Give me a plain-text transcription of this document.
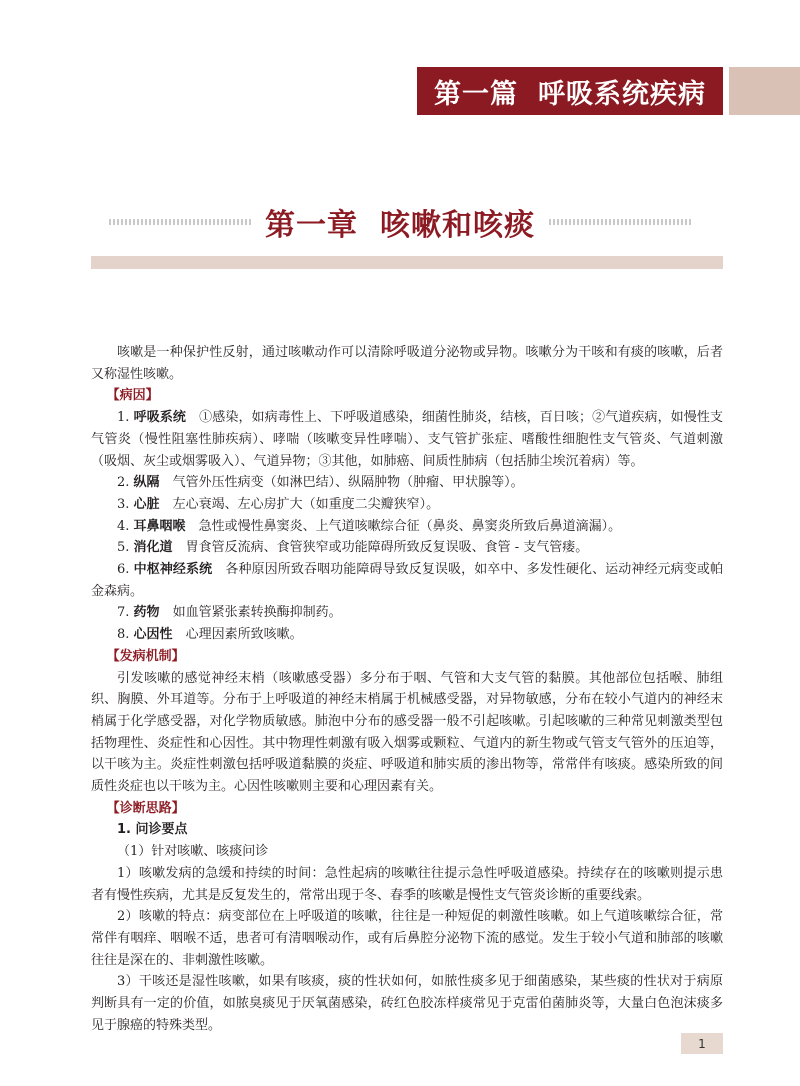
第一篇 呼吸系统疾病
第一章 咳嗽和咳痰

咳嗽是一种保护性反射，通过咳嗽动作可以清除呼吸道分泌物或异物。咳嗽分为干咳和有痰的咳嗽，后者又称湿性咳嗽。

【病因】

1. 呼吸系统　 ①感染，如病毒性上、下呼吸道感染，细菌性肺炎，结核，百日咳；②气道疾病，如慢性支气管炎（慢性阻塞性肺疾病）、哮喘（咳嗽变异性哮喘）、支气管扩张症、嗜酸性细胞性支气管炎、气道刺激（吸烟、灰尘或烟雾吸入）、气道异物；③其他，如肺癌、间质性肺病（包括肺尘埃沉着病）等。

2. 纵隔　 气管外压性病变（如淋巴结）、纵隔肿物（肿瘤、甲状腺等）。

3. 心脏　 左心衰竭、左心房扩大（如重度二尖瓣狭窄）。

4. 耳鼻咽喉　 急性或慢性鼻窦炎、上气道咳嗽综合征（鼻炎、鼻窦炎所致后鼻道滴漏）。

5. 消化道　 胃食管反流病、食管狭窄或功能障碍所致反复误吸、食管 - 支气管瘘。

6. 中枢神经系统　 各种原因所致吞咽功能障碍导致反复误吸，如卒中、多发性硬化、运动神经元病变或帕金森病。

7. 药物　 如血管紧张素转换酶抑制药。

8. 心因性　 心理因素所致咳嗽。

【发病机制】

引发咳嗽的感觉神经末梢（咳嗽感受器）多分布于咽、气管和大支气管的黏膜。其他部位包括喉、肺组织、胸膜、外耳道等。分布于上呼吸道的神经末梢属于机械感受器，对异物敏感，分布在较小气道内的神经末梢属于化学感受器，对化学物质敏感。肺泡中分布的感受器一般不引起咳嗽。引起咳嗽的三种常见刺激类型包括物理性、炎症性和心因性。其中物理性刺激有吸入烟雾或颗粒、气道内的新生物或气管支气管外的压迫等，以干咳为主。炎症性刺激包括呼吸道黏膜的炎症、呼吸道和肺实质的渗出物等，常常伴有咳痰。感染所致的间质性炎症也以干咳为主。心因性咳嗽则主要和心理因素有关。

【诊断思路】

1. 问诊要点

（1）针对咳嗽、咳痰问诊

1）咳嗽发病的急缓和持续的时间：急性起病的咳嗽往往提示急性呼吸道感染。持续存在的咳嗽则提示患者有慢性疾病，尤其是反复发生的，常常出现于冬、春季的咳嗽是慢性支气管炎诊断的重要线索。

2）咳嗽的特点：病变部位在上呼吸道的咳嗽，往往是一种短促的刺激性咳嗽。如上气道咳嗽综合征，常常伴有咽痒、咽喉不适，患者可有清咽喉动作，或有后鼻腔分泌物下流的感觉。发生于较小气道和肺部的咳嗽往往是深在的、非刺激性咳嗽。

3）干咳还是湿性咳嗽，如果有咳痰，痰的性状如何，如脓性痰多见于细菌感染，某些痰的性状对于病原判断具有一定的价值，如脓臭痰见于厌氧菌感染，砖红色胶冻样痰常见于克雷伯菌肺炎等，大量白色泡沫痰多见于腺癌的特殊类型。

1
